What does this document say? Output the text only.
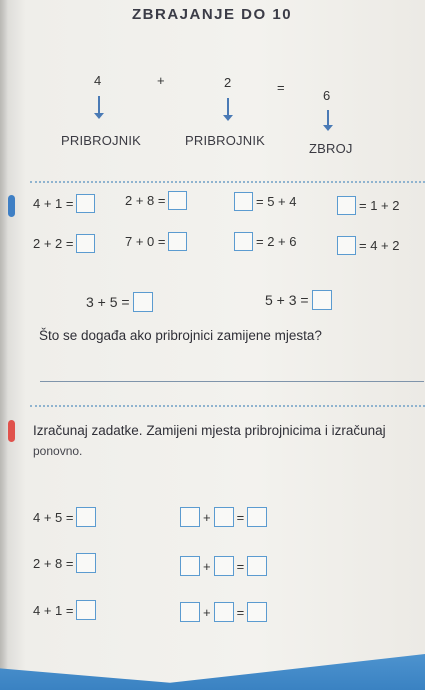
ZBRAJANJE DO 10
4	+	2	=
6
PRIBROJNIK	PRIBROJNIK
ZBROJ
4 + 1 =	2 + 8 =	= 5 + 4	= 1 + 2
2 + 2 =	7 + 0 =	= 2 + 6	= 4 + 2
3 + 5 =	5 + 3 =
Što se događa ako pribrojnici zamijene mjesta?
Izračunaj zadatke. Zamijeni mjesta pribrojnicima i izračunaj
ponovno.
4 + 5 =	+ =
2 + 8 =	+ =
4 + 1 =	+ =
